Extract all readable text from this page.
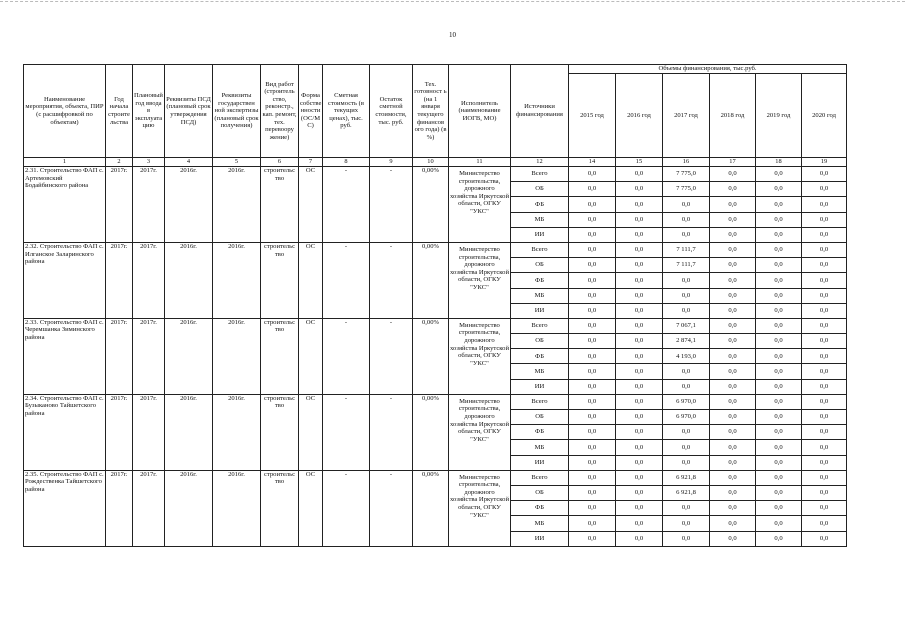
10
Наименование мероприятия, объекта, ПИР (с расшифровкой по объектам)	Год начала строите льства	Плановый год ввода в эксплуата цию	Реквизиты ПСД (плановый срок утверждения ПСД)	Реквизиты государствен ной экспертизы (плановый срок получения)	Вид работ (строитель ство, реконстр., кап. ремонт, тех. перевоору жение)	Форма собстве нности (ОС/М С)	Сметная стоимость (в текущих ценах), тыс. руб.	Остаток сметной стоимости, тыс. руб.	Тех. готовност ь (на 1 января текущего финансов ого года) (в %)	Исполнитель (наименование ИОГВ, МО)	Источники финансирования	Объемы финансирования, тыс.руб.					
												2015 год	2016 год	2017 год	2018 год	2019 год	2020 год
1	2	3	4	5	6	7	8	9	10	11	12	14	15	16	17	18	19
2.31. Строительство ФАП с. Артемовский Бодайбинского района	2017г.	2017г.	2016г.	2016г.	строительс тво	ОС	-	-	0,00%	Министерство строительства, дорожного хозяйства Иркутской области, ОГКУ "УКС"	Всего	0,0	0,0	7 775,0	0,0	0,0	0,0
											ОБ	0,0	0,0	7 775,0	0,0	0,0	0,0
											ФБ	0,0	0,0	0,0	0,0	0,0	0,0
											МБ	0,0	0,0	0,0	0,0	0,0	0,0
											ИИ	0,0	0,0	0,0	0,0	0,0	0,0
2.32. Строительство ФАП с. Илганское Заларинского района	2017г.	2017г.	2016г.	2016г.	строительс тво	ОС	-	-	0,00%	Министерство строительства, дорожного хозяйства Иркутской области, ОГКУ "УКС"	Всего	0,0	0,0	7 111,7	0,0	0,0	0,0
											ОБ	0,0	0,0	7 111,7	0,0	0,0	0,0
											ФБ	0,0	0,0	0,0	0,0	0,0	0,0
											МБ	0,0	0,0	0,0	0,0	0,0	0,0
											ИИ	0,0	0,0	0,0	0,0	0,0	0,0
2.33. Строительство ФАП с. Черемшанка Зиминского района	2017г.	2017г.	2016г.	2016г.	строительс тво	ОС	-	-	0,00%	Министерство строительства, дорожного хозяйства Иркутской области, ОГКУ "УКС"	Всего	0,0	0,0	7 067,1	0,0	0,0	0,0
											ОБ	0,0	0,0	2 874,1	0,0	0,0	0,0
											ФБ	0,0	0,0	4 193,0	0,0	0,0	0,0
											МБ	0,0	0,0	0,0	0,0	0,0	0,0
											ИИ	0,0	0,0	0,0	0,0	0,0	0,0
2.34. Строительство ФАП с. Бузыканово Тайшетского района	2017г.	2017г.	2016г.	2016г.	строительс тво	ОС	-	-	0,00%	Министерство строительства, дорожного хозяйства Иркутской области, ОГКУ "УКС"	Всего	0,0	0,0	6 970,0	0,0	0,0	0,0
											ОБ	0,0	0,0	6 970,0	0,0	0,0	0,0
											ФБ	0,0	0,0	0,0	0,0	0,0	0,0
											МБ	0,0	0,0	0,0	0,0	0,0	0,0
											ИИ	0,0	0,0	0,0	0,0	0,0	0,0
2.35. Строительство ФАП с. Рождественка Тайшетского района	2017г.	2017г.	2016г.	2016г.	строительс тво	ОС	-	-	0,00%	Министерство строительства, дорожного хозяйства Иркутской области, ОГКУ "УКС"	Всего	0,0	0,0	6 921,8	0,0	0,0	0,0
											ОБ	0,0	0,0	6 921,8	0,0	0,0	0,0
											ФБ	0,0	0,0	0,0	0,0	0,0	0,0
											МБ	0,0	0,0	0,0	0,0	0,0	0,0
											ИИ	0,0	0,0	0,0	0,0	0,0	0,0
